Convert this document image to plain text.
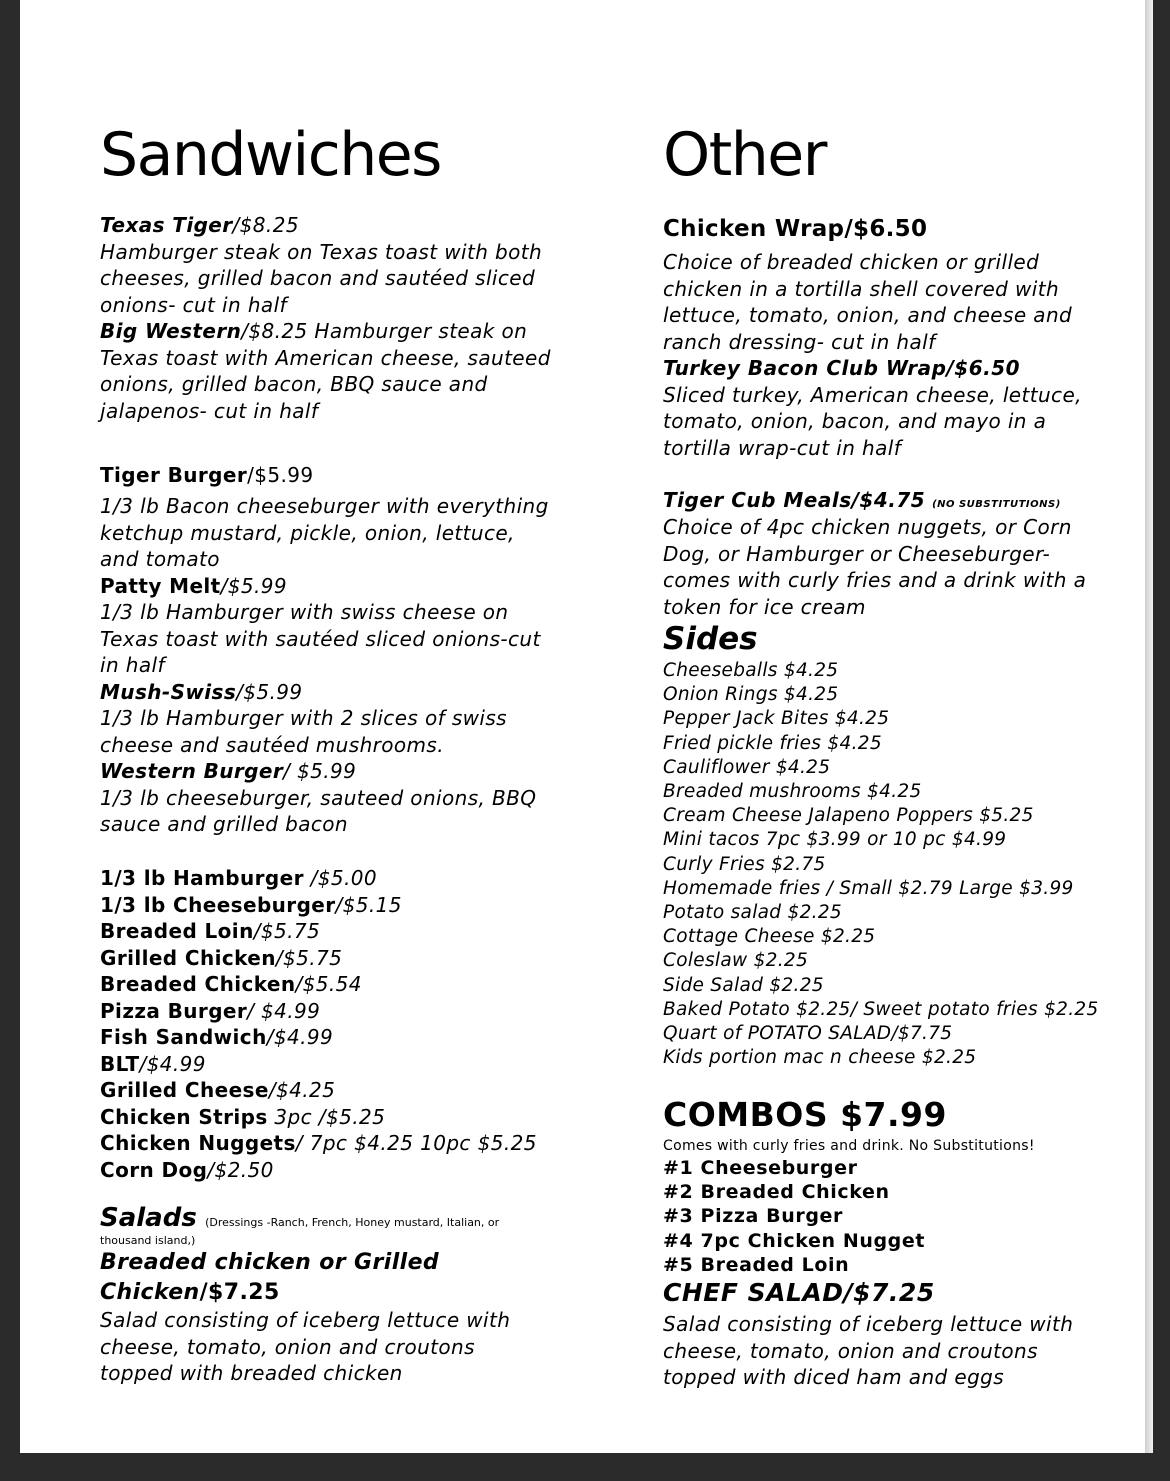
Sandwiches
Texas Tiger/$8.25
Hamburger steak on Texas toast with both
cheeses, grilled bacon and sautéed sliced
onions- cut in half
Big Western/$8.25 Hamburger steak on
Texas toast with American cheese, sauteed
onions, grilled bacon, BBQ sauce and
jalapenos- cut in half
Tiger Burger/$5.99
1/3 lb Bacon cheeseburger with everything
ketchup mustard, pickle, onion, lettuce,
and tomato
Patty Melt/$5.99
1/3 lb Hamburger with swiss cheese on
Texas toast with sautéed sliced onions-cut
in half
Mush-Swiss/$5.99
1/3 lb Hamburger with 2 slices of swiss
cheese and sautéed mushrooms.
Western Burger/ $5.99
1/3 lb cheeseburger, sauteed onions, BBQ
sauce and grilled bacon
1/3 lb Hamburger /$5.00
1/3 lb Cheeseburger/$5.15
Breaded Loin/$5.75
Grilled Chicken/$5.75
Breaded Chicken/$5.54
Pizza Burger/ $4.99
Fish Sandwich/$4.99
BLT/$4.99
Grilled Cheese/$4.25
Chicken Strips 3pc /$5.25
Chicken Nuggets/ 7pc $4.25 10pc $5.25
Corn Dog/$2.50
Salads (Dressings -Ranch, French, Honey mustard, Italian, or
thousand island,)
Breaded chicken or Grilled
Chicken/$7.25
Salad consisting of iceberg lettuce with
cheese, tomato, onion and croutons
topped with breaded chicken
Other
Chicken Wrap/$6.50
Choice of breaded chicken or grilled
chicken in a tortilla shell covered with
lettuce, tomato, onion, and cheese and
ranch dressing- cut in half
Turkey Bacon Club Wrap/$6.50
Sliced turkey, American cheese, lettuce,
tomato, onion, bacon, and mayo in a
tortilla wrap-cut in half
Tiger Cub Meals/$4.75 (NO SUBSTITUTIONS)
Choice of 4pc chicken nuggets, or Corn
Dog, or Hamburger or Cheeseburger-
comes with curly fries and a drink with a
token for ice cream
Sides
Cheeseballs $4.25
Onion Rings $4.25
Pepper Jack Bites $4.25
Fried pickle fries $4.25
Cauliflower $4.25
Breaded mushrooms $4.25
Cream Cheese Jalapeno Poppers $5.25
Mini tacos 7pc $3.99 or 10 pc $4.99
Curly Fries $2.75
Homemade fries / Small $2.79 Large $3.99
Potato salad $2.25
Cottage Cheese $2.25
Coleslaw $2.25
Side Salad $2.25
Baked Potato $2.25/ Sweet potato fries $2.25
Quart of POTATO SALAD/$7.75
Kids portion mac n cheese $2.25
COMBOS $7.99
Comes with curly fries and drink. No Substitutions!
#1 Cheeseburger
#2 Breaded Chicken
#3 Pizza Burger
#4 7pc Chicken Nugget
#5 Breaded Loin
CHEF SALAD/$7.25
Salad consisting of iceberg lettuce with
cheese, tomato, onion and croutons
topped with diced ham and eggs
